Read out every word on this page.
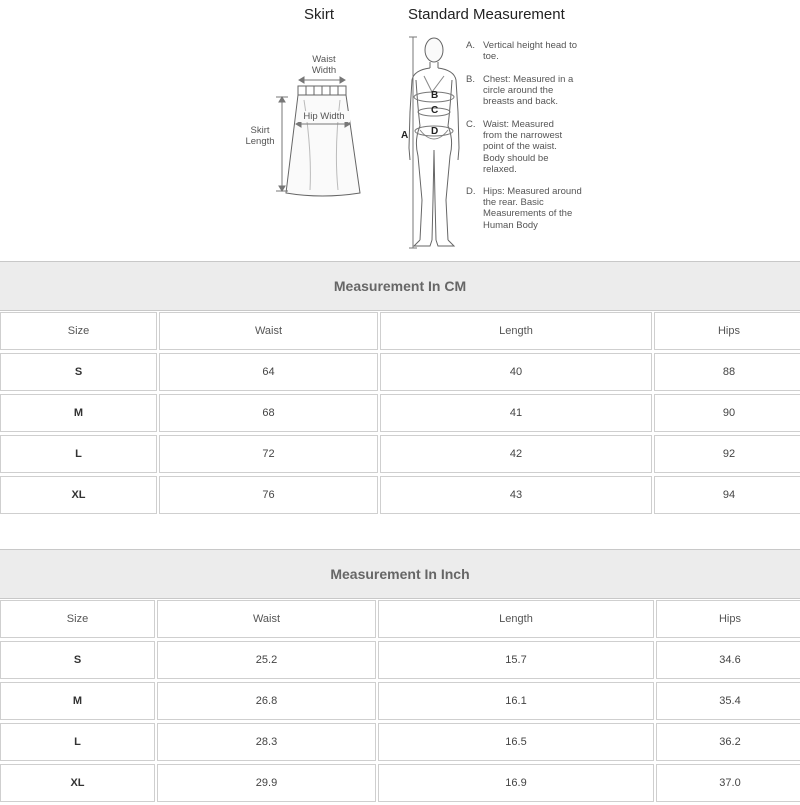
Skirt	Standard Measurement
Waist Width
Hip Width
Skirt Length
A
B
C
D
A. Vertical height head to toe.
B. Chest: Measured in a circle around the breasts and back.
C. Waist: Measured from the narrowest point of the waist. Body should be relaxed.
D. Hips: Measured around the rear. Basic Measurements of the Human Body
Measurement In CM
Size	Waist	Length	Hips
S	64	40	88
M	68	41	90
L	72	42	92
XL	76	43	94
Measurement In Inch
Size	Waist	Length	Hips
S	25.2	15.7	34.6
M	26.8	16.1	35.4
L	28.3	16.5	36.2
XL	29.9	16.9	37.0
